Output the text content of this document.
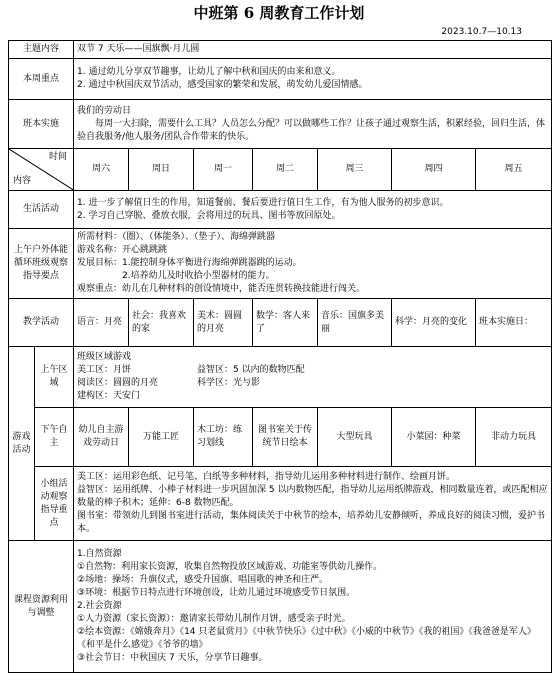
中班第 6 周教育工作计划
2023.10.7—10.13
主题内容	双节 7 天乐——国旗飘·月儿圆
本周重点	
1. 通过幼儿分享双节趣事，让幼儿了解中秋和国庆的由来和意义。
2. 通过中秋国庆双节活动，感受国家的繁荣和发展，萌发幼儿爱国情感。

班本实施	
我们的劳动日
每周一大扫除，需要什么工具？人员怎么分配？可以做哪些工作？让孩子通过观察生活，积累经验，回归生活，体验自我服务/他人服务/团队合作带来的快乐。

时间
内容
	周六	周日	周一	周二	周三	周四	周五
生活活动	
1. 进一步了解值日生的作用，知道餐前、餐后要进行值日生工作，有为他人服务的初步意识。
2. 学习自己穿脱、叠放衣服，会将用过的玩具、图书等放回原处。

上午户外体能循环班级观察指导要点	
所需材料：（圈）、（体能条）、（垫子）、海绵弹跳器
游戏名称：开心跳跳跳
发展目标：1.能控制身体平衡进行海绵弹跳器跳的运动。
2.培养幼儿及时收拾小型器材的能力。
观察重点：幼儿在几种材料的创设情境中，能否连贯转换技能进行闯关。

教学活动	语言：月亮	社会：我喜欢的家	美术：圆圆的月亮	数学：客人来了	音乐：国旗多美丽	科学：月亮的变化	班本实施日：
游戏活动	上午区域	
班级区域游戏
美工区：月饼	益智区：5 以内的数物匹配
阅读区：圆圆的月亮	科学区：光与影
建构区：天安门	

下午自主	幼儿自主游戏劳动日	万能工匠	木工坊：练习划线	图书室关于传统节日绘本	大型玩具	小菜园：种菜	非动力玩具
小组活动观察指导重点	
美工区：运用彩色纸、记号笔、白纸等多种材料，指导幼儿运用多种材料进行制作、绘画月饼。
益智区：运用纸牌、小棒子材料进一步巩固加深 5 以内数物匹配，指导幼儿运用纸牌游戏，相同数量连着，或匹配相应数量的棒子积木；延伸：6-8 数物匹配。
图书室：带领幼儿到图书室进行活动，集体阅读关于中秋节的绘本，培养幼儿安静倾听，养成良好的阅读习惯，爱护书本。

课程资源利用与调整	
1.自然资源
①自然物：利用家长资源，收集自然物投放区域游戏、功能室等供幼儿操作。
②场地：操场：升旗仪式，感受升国旗、唱国歌的神圣和庄严。
③环境：根据节日特点进行环境创设，让幼儿通过环境感受节日氛围。
2.社会资源
①人力资源（家长资源）：邀请家长带幼儿制作月饼，感受亲子时光。
②绘本资源：《嫦娥奔月》《14 只老鼠赏月》《中秋节快乐》《过中秋》《小威的中秋节》《我的祖国》《我爸爸是军人》《和平是什么感觉》《爷爷的墙》
③社会节日：中秋国庆 7 天乐，分享节日趣事。
